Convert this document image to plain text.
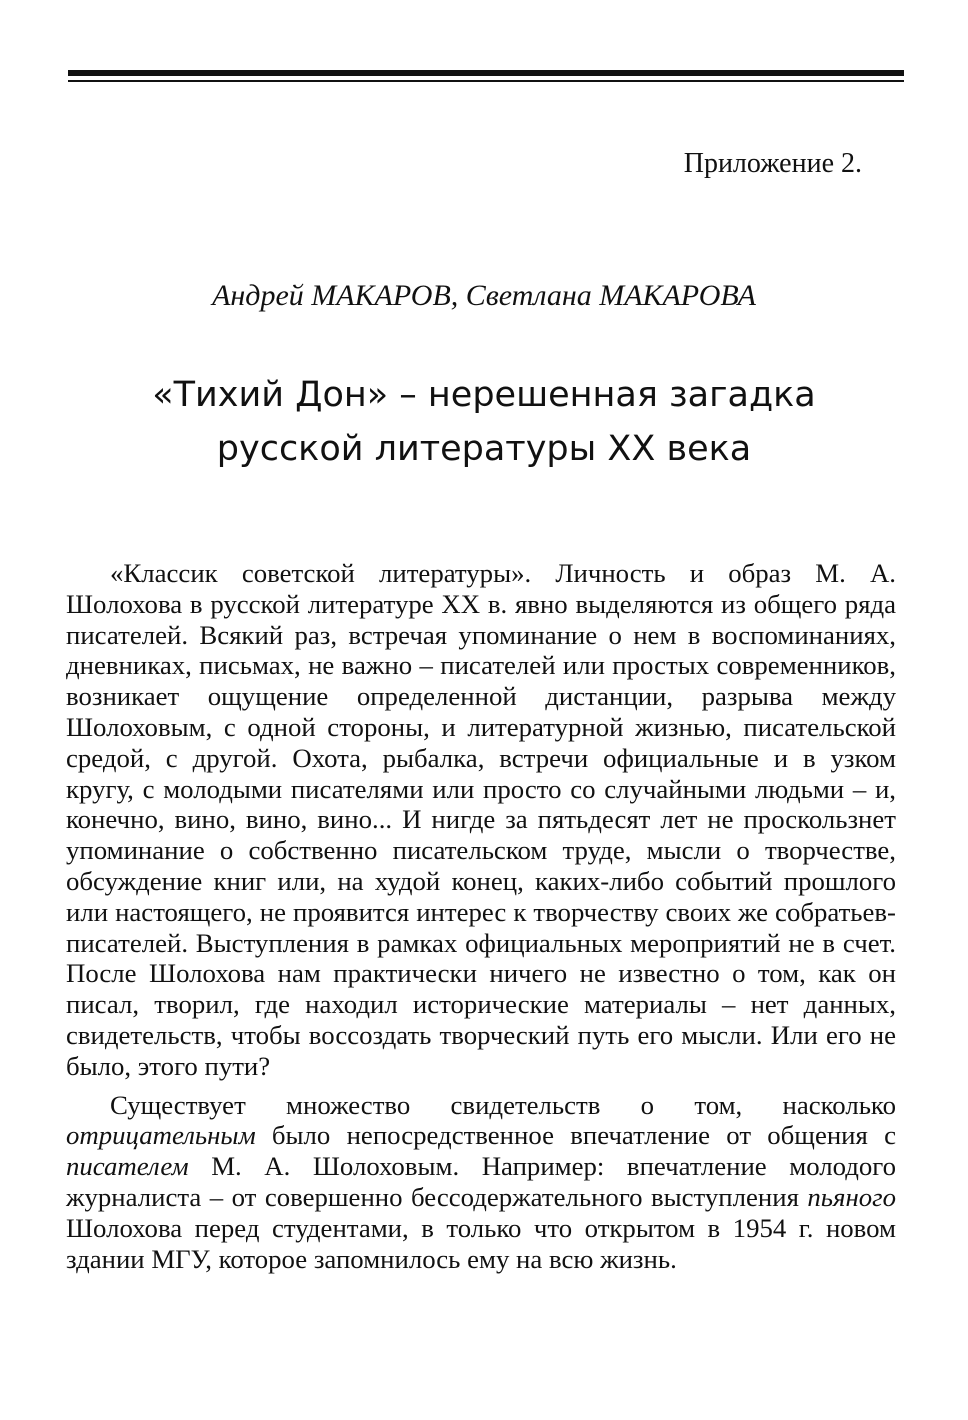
Приложение 2.

Андрей МАКАРОВ, Светлана МАКАРОВА

«Тихий Дон» – нерешенная загадка
русской литературы XX века

«Классик советской литературы». Личность и образ М. А. Шолохова в русской литературе XX в. явно выделяются из общего ряда писателей. Всякий раз, встречая упоминание о нем в воспоминаниях, дневниках, письмах, не важно – писателей или простых современников, возникает ощущение определенной дистанции, разрыва между Шолоховым, с одной стороны, и литературной жизнью, писательской средой, с другой. Охота, рыбалка, встречи официальные и в узком кругу, с молодыми писателями или просто со случайными людьми – и, конечно, вино, вино, вино... И нигде за пятьдесят лет не проскользнет упоминание о собственно писательском труде, мысли о творчестве, обсуждение книг или, на худой конец, каких-либо событий прошлого или настоящего, не проявится интерес к творчеству своих же собратьев-писателей. Выступления в рамках официальных мероприятий не в счет. После Шолохова нам практически ничего не известно о том, как он писал, творил, где находил исторические материалы – нет данных, свидетельств, чтобы воссоздать творческий путь его мысли. Или его не было, этого пути?

Существует множество свидетельств о том, насколько отрицательным было непосредственное впечатление от общения с писателем М. А. Шолоховым. Например: впечатление молодого журналиста – от совершенно бессодержательного выступления пьяного Шолохова перед студентами, в только что открытом в 1954 г. новом здании МГУ, которое запомнилось ему на всю жизнь.
